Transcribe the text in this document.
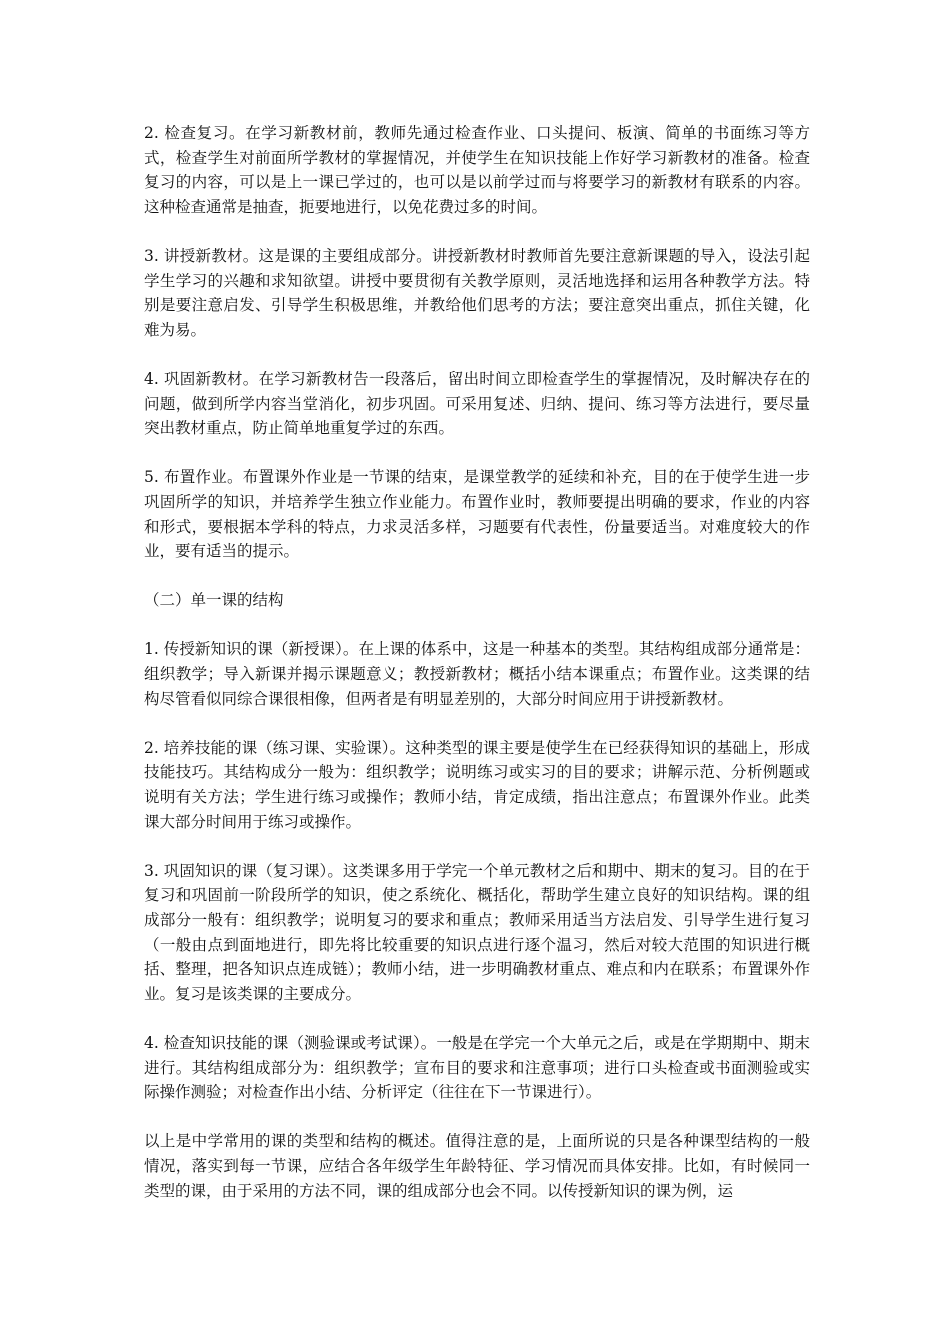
2. 检查复习。在学习新教材前，教师先通过检查作业、口头提问、板演、简单的书面练习等方式，检查学生对前面所学教材的掌握情况，并使学生在知识技能上作好学习新教材的准备。检查复习的内容，可以是上一课已学过的，也可以是以前学过而与将要学习的新教材有联系的内容。这种检查通常是抽查，扼要地进行，以免花费过多的时间。

3. 讲授新教材。这是课的主要组成部分。讲授新教材时教师首先要注意新课题的导入，设法引起学生学习的兴趣和求知欲望。讲授中要贯彻有关教学原则，灵活地选择和运用各种教学方法。特别是要注意启发、引导学生积极思维，并教给他们思考的方法；要注意突出重点，抓住关键，化难为易。

4. 巩固新教材。在学习新教材告一段落后，留出时间立即检查学生的掌握情况，及时解决存在的问题，做到所学内容当堂消化，初步巩固。可采用复述、归纳、提问、练习等方法进行，要尽量突出教材重点，防止简单地重复学过的东西。

5. 布置作业。布置课外作业是一节课的结束，是课堂教学的延续和补充，目的在于使学生进一步巩固所学的知识，并培养学生独立作业能力。布置作业时，教师要提出明确的要求，作业的内容和形式，要根据本学科的特点，力求灵活多样，习题要有代表性，份量要适当。对难度较大的作业，要有适当的提示。

（二）单一课的结构

1. 传授新知识的课（新授课）。在上课的体系中，这是一种基本的类型。其结构组成部分通常是：组织教学；导入新课并揭示课题意义；教授新教材；概括小结本课重点；布置作业。这类课的结构尽管看似同综合课很相像，但两者是有明显差别的，大部分时间应用于讲授新教材。

2. 培养技能的课（练习课、实验课）。这种类型的课主要是使学生在已经获得知识的基础上，形成技能技巧。其结构成分一般为：组织教学；说明练习或实习的目的要求；讲解示范、分析例题或说明有关方法；学生进行练习或操作；教师小结，肯定成绩，指出注意点；布置课外作业。此类课大部分时间用于练习或操作。

3. 巩固知识的课（复习课）。这类课多用于学完一个单元教材之后和期中、期末的复习。目的在于复习和巩固前一阶段所学的知识，使之系统化、概括化，帮助学生建立良好的知识结构。课的组成部分一般有：组织教学；说明复习的要求和重点；教师采用适当方法启发、引导学生进行复习（一般由点到面地进行，即先将比较重要的知识点进行逐个温习，然后对较大范围的知识进行概括、整理，把各知识点连成链）；教师小结，进一步明确教材重点、难点和内在联系；布置课外作业。复习是该类课的主要成分。

4. 检查知识技能的课（测验课或考试课）。一般是在学完一个大单元之后，或是在学期期中、期末进行。其结构组成部分为：组织教学；宣布目的要求和注意事项；进行口头检查或书面测验或实际操作测验；对检查作出小结、分析评定（往往在下一节课进行）。

以上是中学常用的课的类型和结构的概述。值得注意的是，上面所说的只是各种课型结构的一般情况，落实到每一节课，应结合各年级学生年龄特征、学习情况而具体安排。比如，有时候同一类型的课，由于采用的方法不同，课的组成部分也会不同。以传授新知识的课为例，运
